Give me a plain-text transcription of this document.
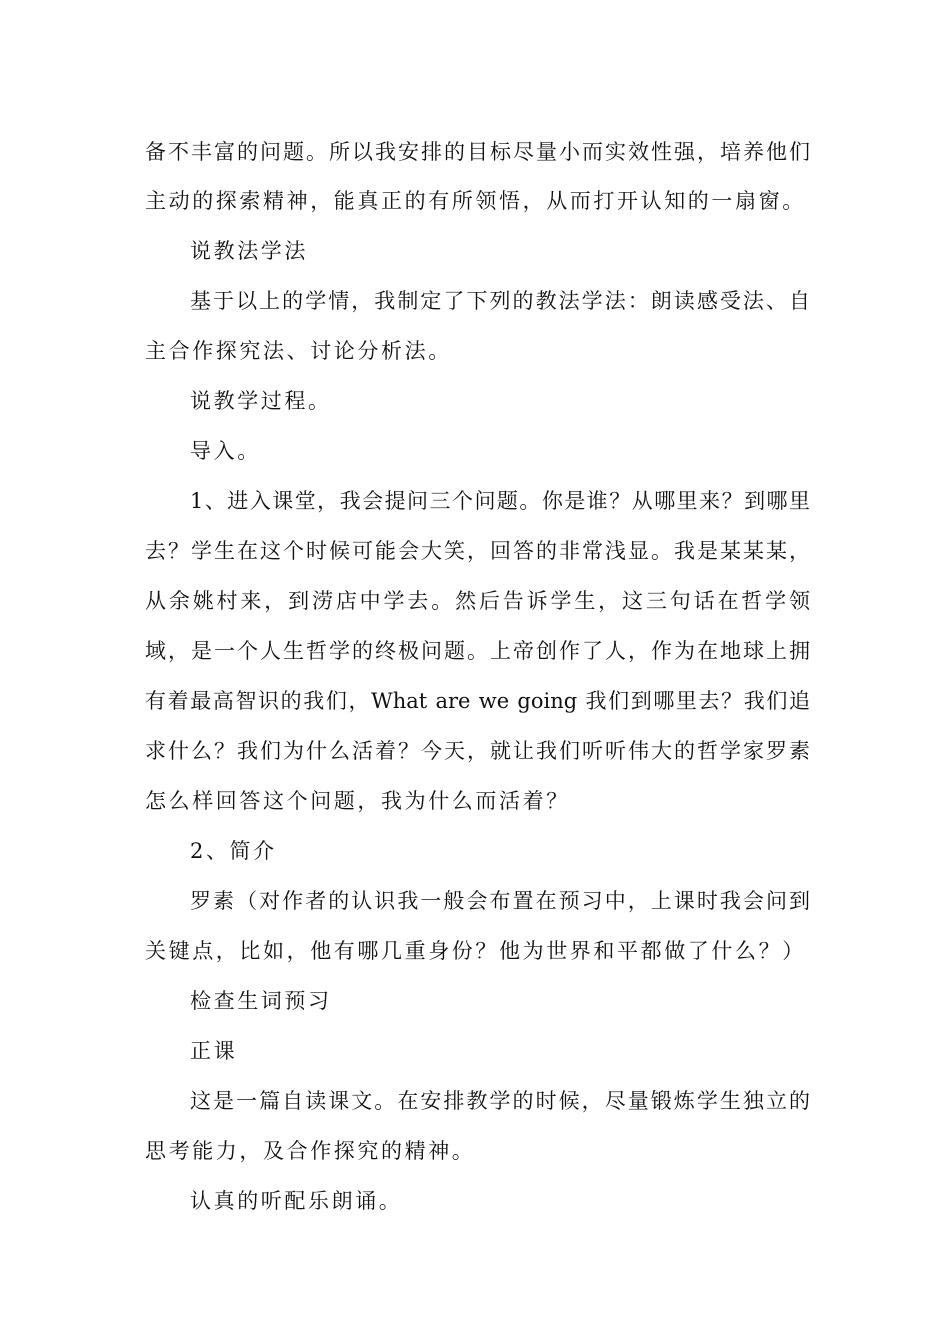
备不丰富的问题。所以我安排的目标尽量小而实效性强，培养他们
主动的探索精神，能真正的有所领悟，从而打开认知的一扇窗。
说教法学法
基于以上的学情，我制定了下列的教法学法：朗读感受法、自
主合作探究法、讨论分析法。
说教学过程。
导入。
1、进入课堂，我会提问三个问题。你是谁？从哪里来？到哪里
去？学生在这个时候可能会大笑，回答的非常浅显。我是某某某，
从余姚村来，到涝店中学去。然后告诉学生，这三句话在哲学领
域，是一个人生哲学的终极问题。上帝创作了人，作为在地球上拥
有着最高智识的我们，What are we going 我们到哪里去？我们追
求什么？我们为什么活着？今天，就让我们听听伟大的哲学家罗素
怎么样回答这个问题，我为什么而活着？
2、简介
罗素（对作者的认识我一般会布置在预习中，上课时我会问到
关键点，比如，他有哪几重身份？他为世界和平都做了什么？）
检查生词预习
正课
这是一篇自读课文。在安排教学的时候，尽量锻炼学生独立的
思考能力，及合作探究的精神。
认真的听配乐朗诵。
